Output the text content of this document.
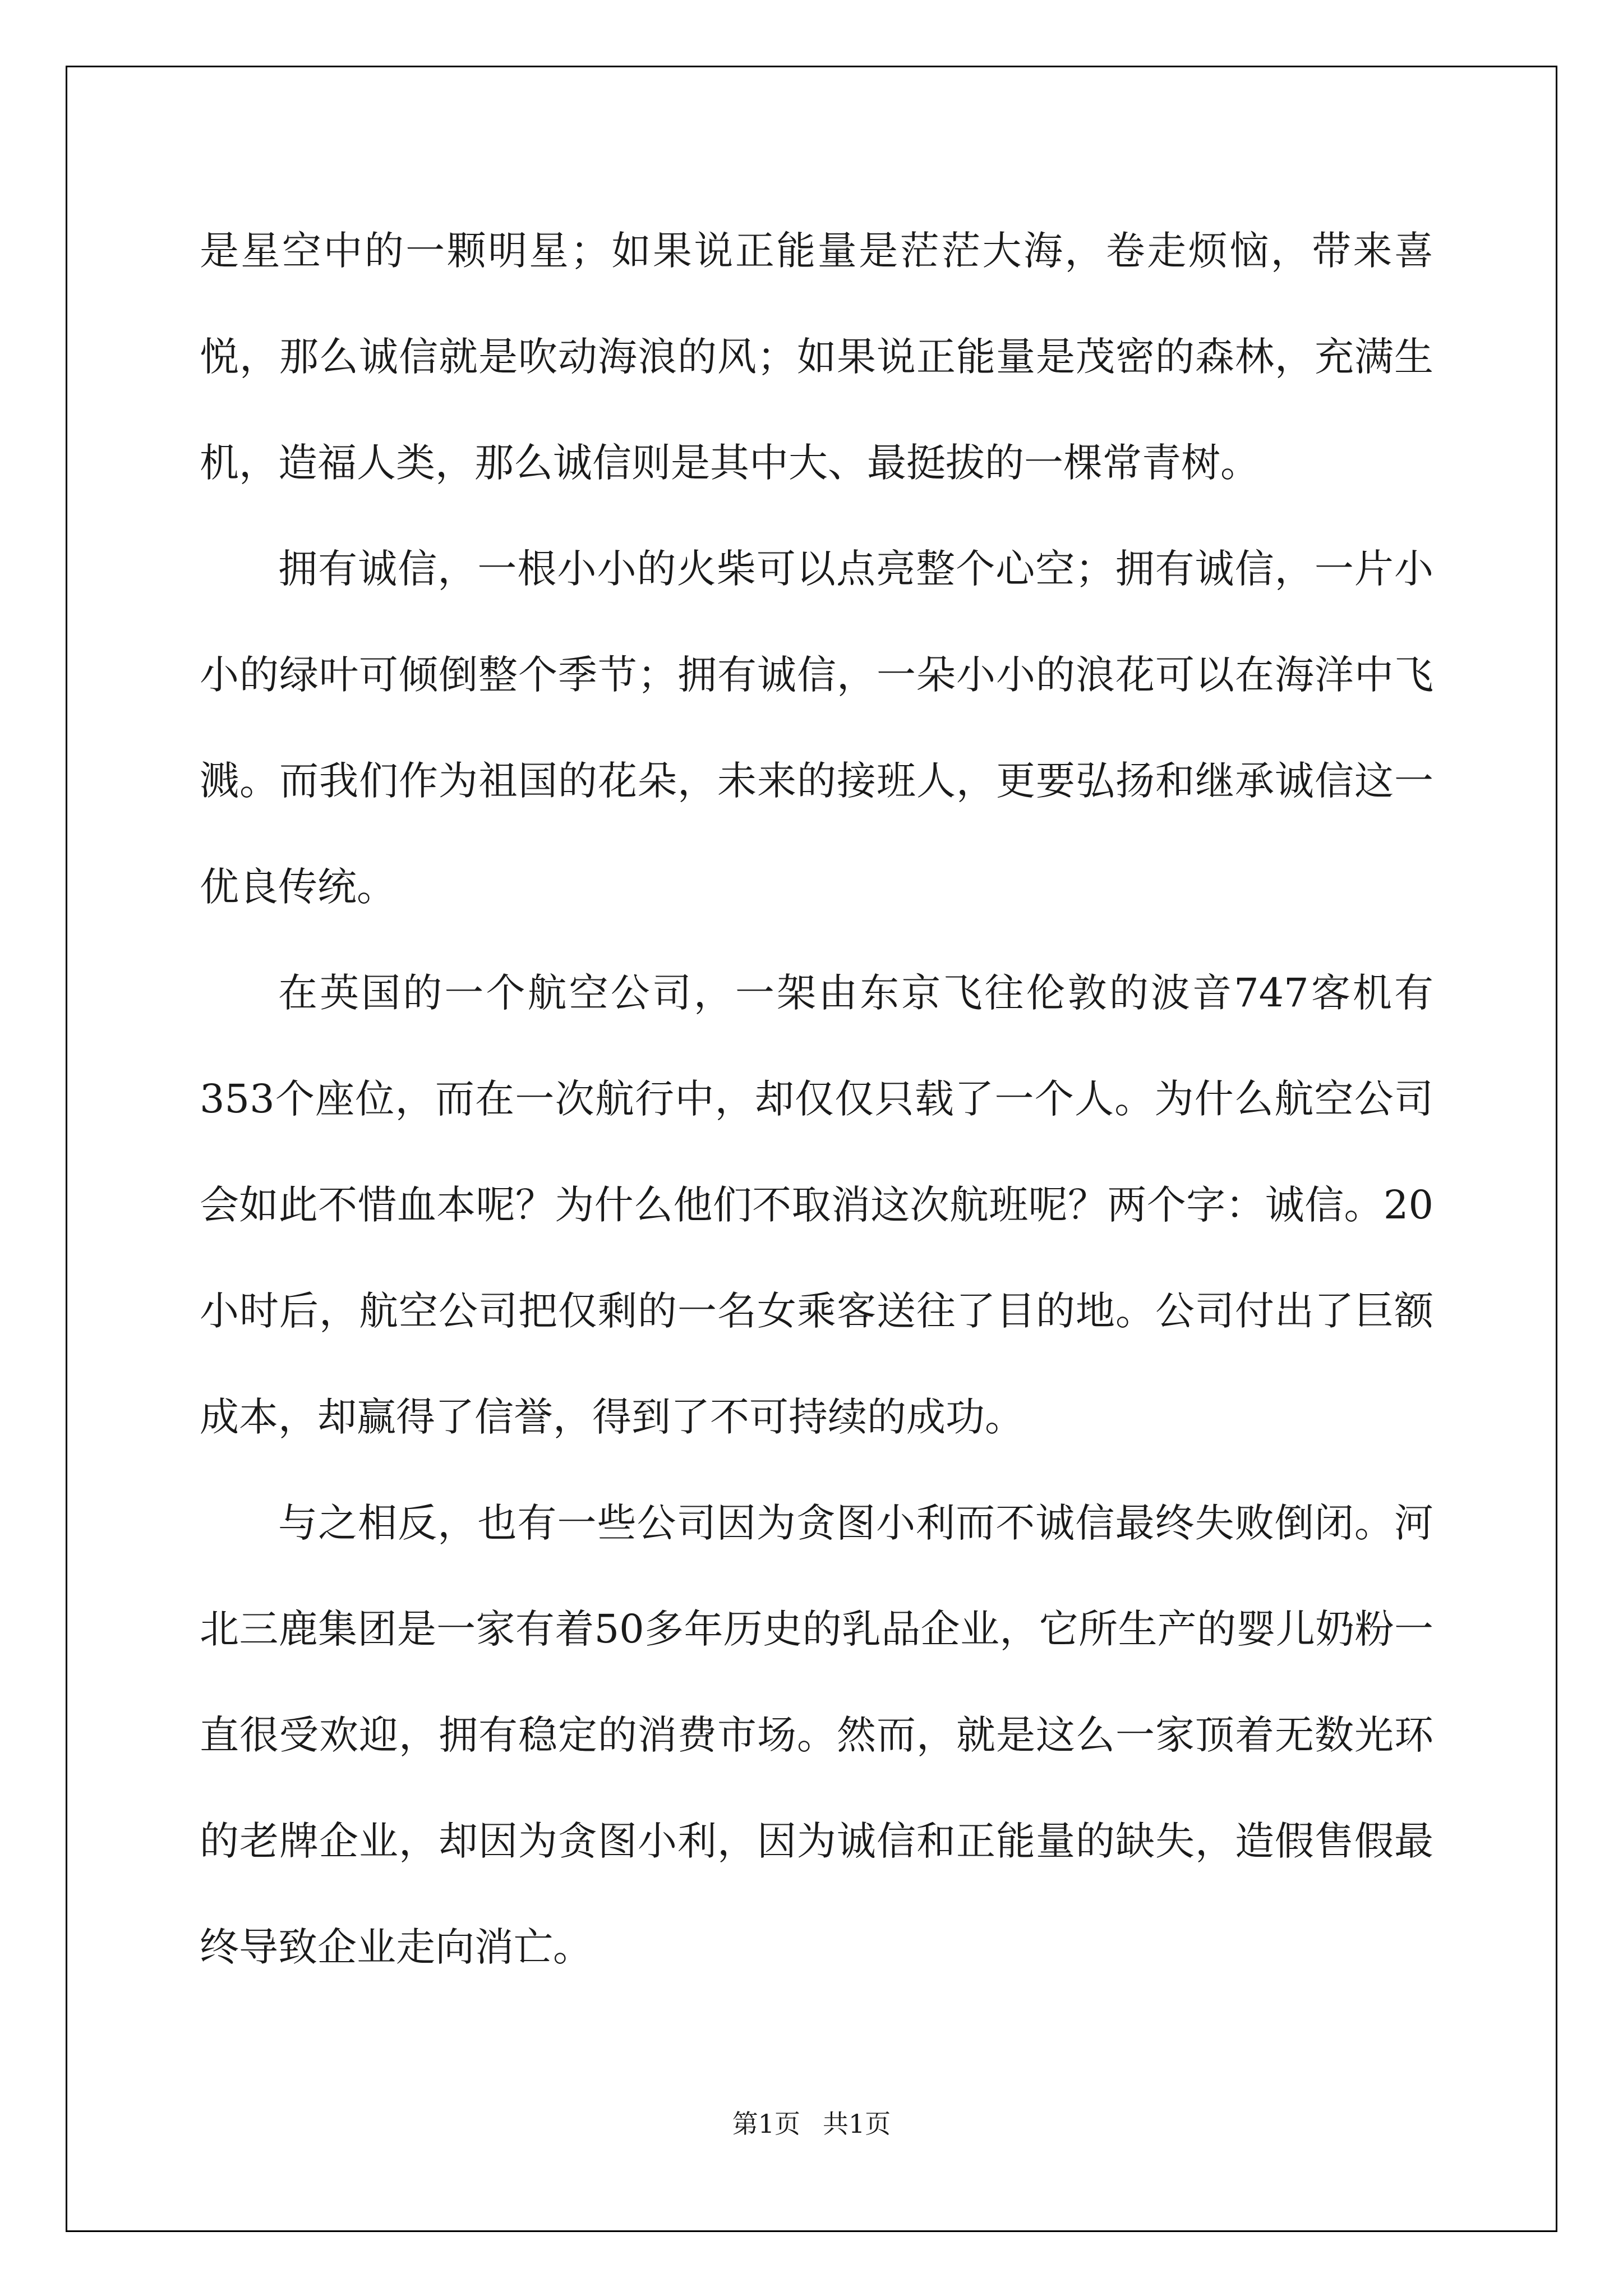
是星空中的一颗明星；如果说正能量是茫茫大海，卷走烦恼，带来喜悦，那么诚信就是吹动海浪的风；如果说正能量是茂密的森林，充满生机，造福人类，那么诚信则是其中大、最挺拔的一棵常青树。

拥有诚信，一根小小的火柴可以点亮整个心空；拥有诚信，一片小小的绿叶可倾倒整个季节；拥有诚信，一朵小小的浪花可以在海洋中飞溅。而我们作为祖国的花朵，未来的接班人，更要弘扬和继承诚信这一优良传统。

在英国的一个航空公司，一架由东京飞往伦敦的波音747客机有353个座位，而在一次航行中，却仅仅只载了一个人。为什么航空公司会如此不惜血本呢？为什么他们不取消这次航班呢？两个字：诚信。20小时后，航空公司把仅剩的一名女乘客送往了目的地。公司付出了巨额成本，却赢得了信誉，得到了不可持续的成功。

与之相反，也有一些公司因为贪图小利而不诚信最终失败倒闭。河北三鹿集团是一家有着50多年历史的乳品企业，它所生产的婴儿奶粉一直很受欢迎，拥有稳定的消费市场。然而，就是这么一家顶着无数光环的老牌企业，却因为贪图小利，因为诚信和正能量的缺失，造假售假最终导致企业走向消亡。

第1页 共1页
